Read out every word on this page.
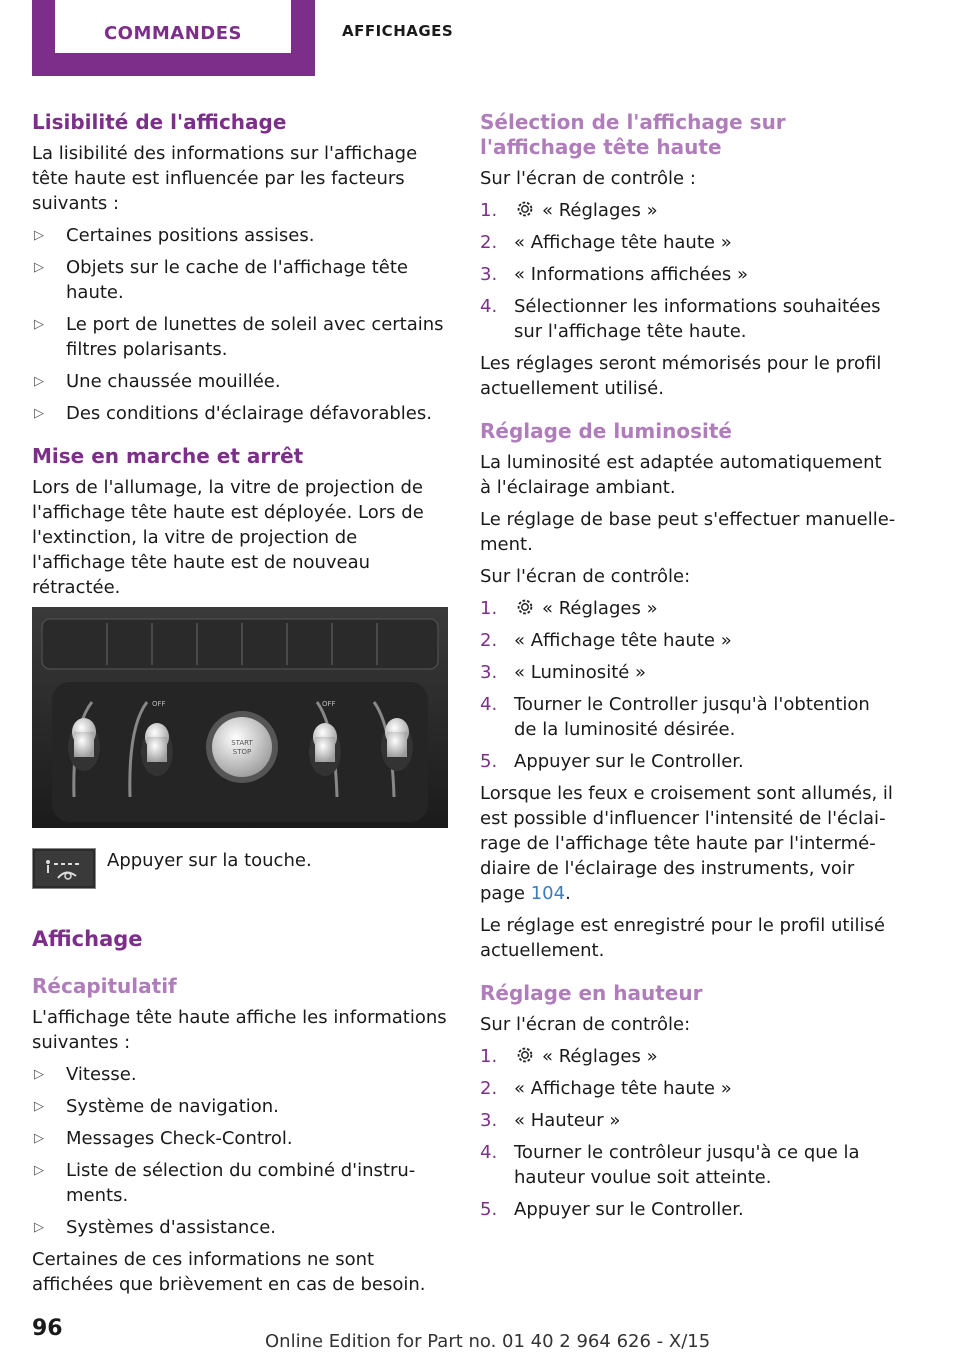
COMMANDES	AFFICHAGES
Lisibilité de l'affichage

La lisibilité des informations sur l'affichage tête haute est influencée par les facteurs suivants :

▷ Certaines positions assises.
▷ Objets sur le cache de l'affichage tête haute.
▷ Le port de lunettes de soleil avec certains filtres polarisants.
▷ Une chaussée mouillée.
▷ Des conditions d'éclairage défavorables.
Mise en marche et arrêt

Lors de l'allumage, la vitre de projection de l'affichage tête haute est déployée. Lors de l'extinction, la vitre de projection de l'affichage tête haute est de nouveau rétractée.

OFF	OFF
START
STOP
Appuyer sur la touche.
Affichage
Récapitulatif

L'affichage tête haute affiche les informations suivantes :

▷ Vitesse.
▷ Système de navigation.
▷ Messages Check-Control.
▷ Liste de sélection du combiné d'instruments.
▷ Systèmes d'assistance.

Certaines de ces informations ne sont affichées que brièvement en cas de besoin.

Sélection de l'affichage sur l'affichage tête haute

Sur l'écran de contrôle :

1. « Réglages »
2. « Affichage tête haute »
3. « Informations affichées »
4. Sélectionner les informations souhaitées sur l'affichage tête haute.

Les réglages seront mémorisés pour le profil actuellement utilisé.

Réglage de luminosité

La luminosité est adaptée automatiquement à l'éclairage ambiant.

Le réglage de base peut s'effectuer manuellement.

Sur l'écran de contrôle:

1. « Réglages »
2. « Affichage tête haute »
3. « Luminosité »
4. Tourner le Controller jusqu'à l'obtention de la luminosité désirée.
5. Appuyer sur le Controller.

Lorsque les feux e croisement sont allumés, il est possible d'influencer l'intensité de l'éclairage de l'affichage tête haute par l'intermédiaire de l'éclairage des instruments, voir page 104.

Le réglage est enregistré pour le profil utilisé actuellement.

Réglage en hauteur

Sur l'écran de contrôle:

1. « Réglages »
2. « Affichage tête haute »
3. « Hauteur »
4. Tourner le contrôleur jusqu'à ce que la hauteur voulue soit atteinte.
5. Appuyer sur le Controller.
96
Online Edition for Part no. 01 40 2 964 626 - X/15
